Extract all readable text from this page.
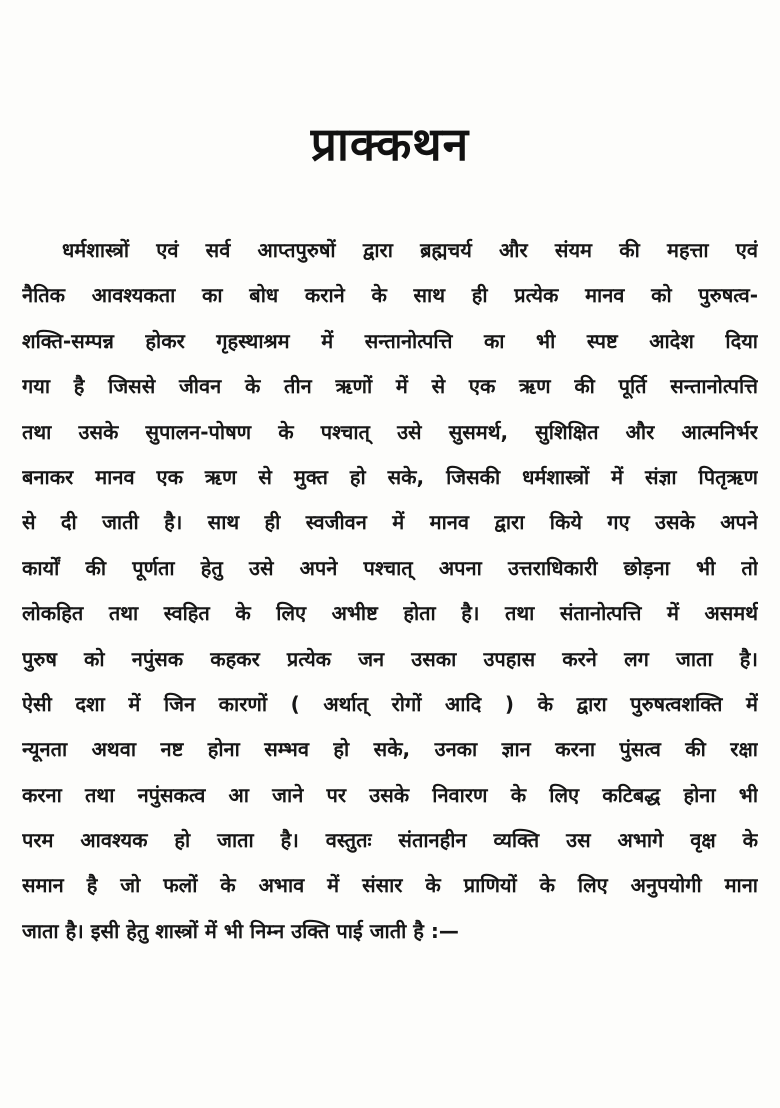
प्राक्कथन
धर्मशास्त्रों एवं सर्व आप्तपुरुषों द्वारा ब्रह्मचर्य और संयम की महत्ता एवं
नैतिक आवश्यकता का बोध कराने के साथ ही प्रत्येक मानव को पुरुषत्व-
शक्ति-सम्पन्न होकर गृहस्थाश्रम में सन्तानोत्पत्ति का भी स्पष्ट आदेश दिया
गया है जिससे जीवन के तीन ऋणों में से एक ऋण की पूर्ति सन्तानोत्पत्ति
तथा उसके सुपालन-पोषण के पश्चात् उसे सुसमर्थ, सुशिक्षित और आत्मनिर्भर
बनाकर मानव एक ऋण से मुक्त हो सके, जिसकी धर्मशास्त्रों में संज्ञा पितृऋण
से दी जाती है। साथ ही स्वजीवन में मानव द्वारा किये गए उसके अपने
कार्यों की पूर्णता हेतु उसे अपने पश्चात् अपना उत्तराधिकारी छोड़ना भी तो
लोकहित तथा स्वहित के लिए अभीष्ट होता है। तथा संतानोत्पत्ति में असमर्थ
पुरुष को नपुंसक कहकर प्रत्येक जन उसका उपहास करने लग जाता है।
ऐसी दशा में जिन कारणों ( अर्थात् रोगों आदि ) के द्वारा पुरुषत्वशक्ति में
न्यूनता अथवा नष्ट होना सम्भव हो सके, उनका ज्ञान करना पुंसत्व की रक्षा
करना तथा नपुंसकत्व आ जाने पर उसके निवारण के लिए कटिबद्ध होना भी
परम आवश्यक हो जाता है। वस्तुतः संतानहीन व्यक्ति उस अभागे वृक्ष के
समान है जो फलों के अभाव में संसार के प्राणियों के लिए अनुपयोगी माना
जाता है। इसी हेतु शास्त्रों में भी निम्न उक्ति पाई जाती है :—
